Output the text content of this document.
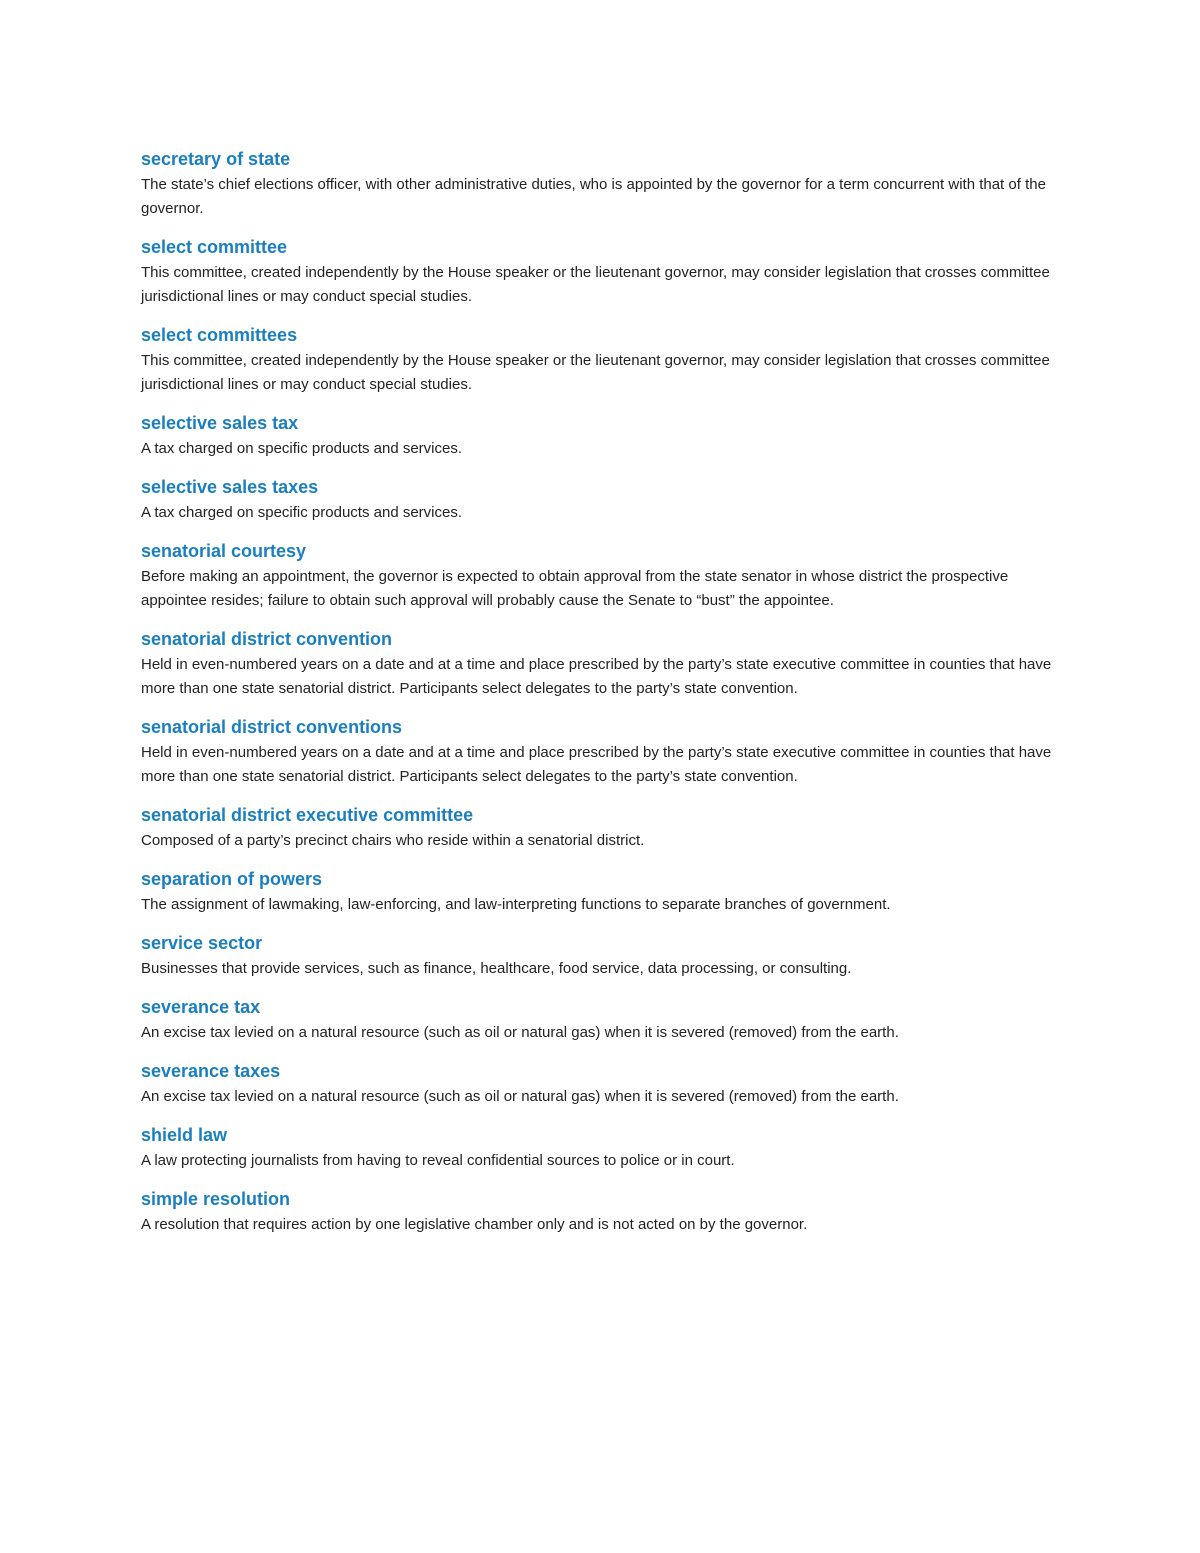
secretary of state
The state’s chief elections officer, with other administrative duties, who is appointed by the governor for a term concurrent with that of the governor.
select committee
This committee, created independently by the House speaker or the lieutenant governor, may consider legislation that crosses committee jurisdictional lines or may conduct special studies.
select committees
This committee, created independently by the House speaker or the lieutenant governor, may consider legislation that crosses committee jurisdictional lines or may conduct special studies.
selective sales tax
A tax charged on specific products and services.
selective sales taxes
A tax charged on specific products and services.
senatorial courtesy
Before making an appointment, the governor is expected to obtain approval from the state senator in whose district the prospective appointee resides; failure to obtain such approval will probably cause the Senate to “bust” the appointee.
senatorial district convention
Held in even-numbered years on a date and at a time and place prescribed by the party’s state executive committee in counties that have more than one state senatorial district. Participants select delegates to the party’s state convention.
senatorial district conventions
Held in even-numbered years on a date and at a time and place prescribed by the party’s state executive committee in counties that have more than one state senatorial district. Participants select delegates to the party’s state convention.
senatorial district executive committee
Composed of a party’s precinct chairs who reside within a senatorial district.
separation of powers
The assignment of lawmaking, law-enforcing, and law-interpreting functions to separate branches of government.
service sector
Businesses that provide services, such as finance, healthcare, food service, data processing, or consulting.
severance tax
An excise tax levied on a natural resource (such as oil or natural gas) when it is severed (removed) from the earth.
severance taxes
An excise tax levied on a natural resource (such as oil or natural gas) when it is severed (removed) from the earth.
shield law
A law protecting journalists from having to reveal confidential sources to police or in court.
simple resolution
A resolution that requires action by one legislative chamber only and is not acted on by the governor.
